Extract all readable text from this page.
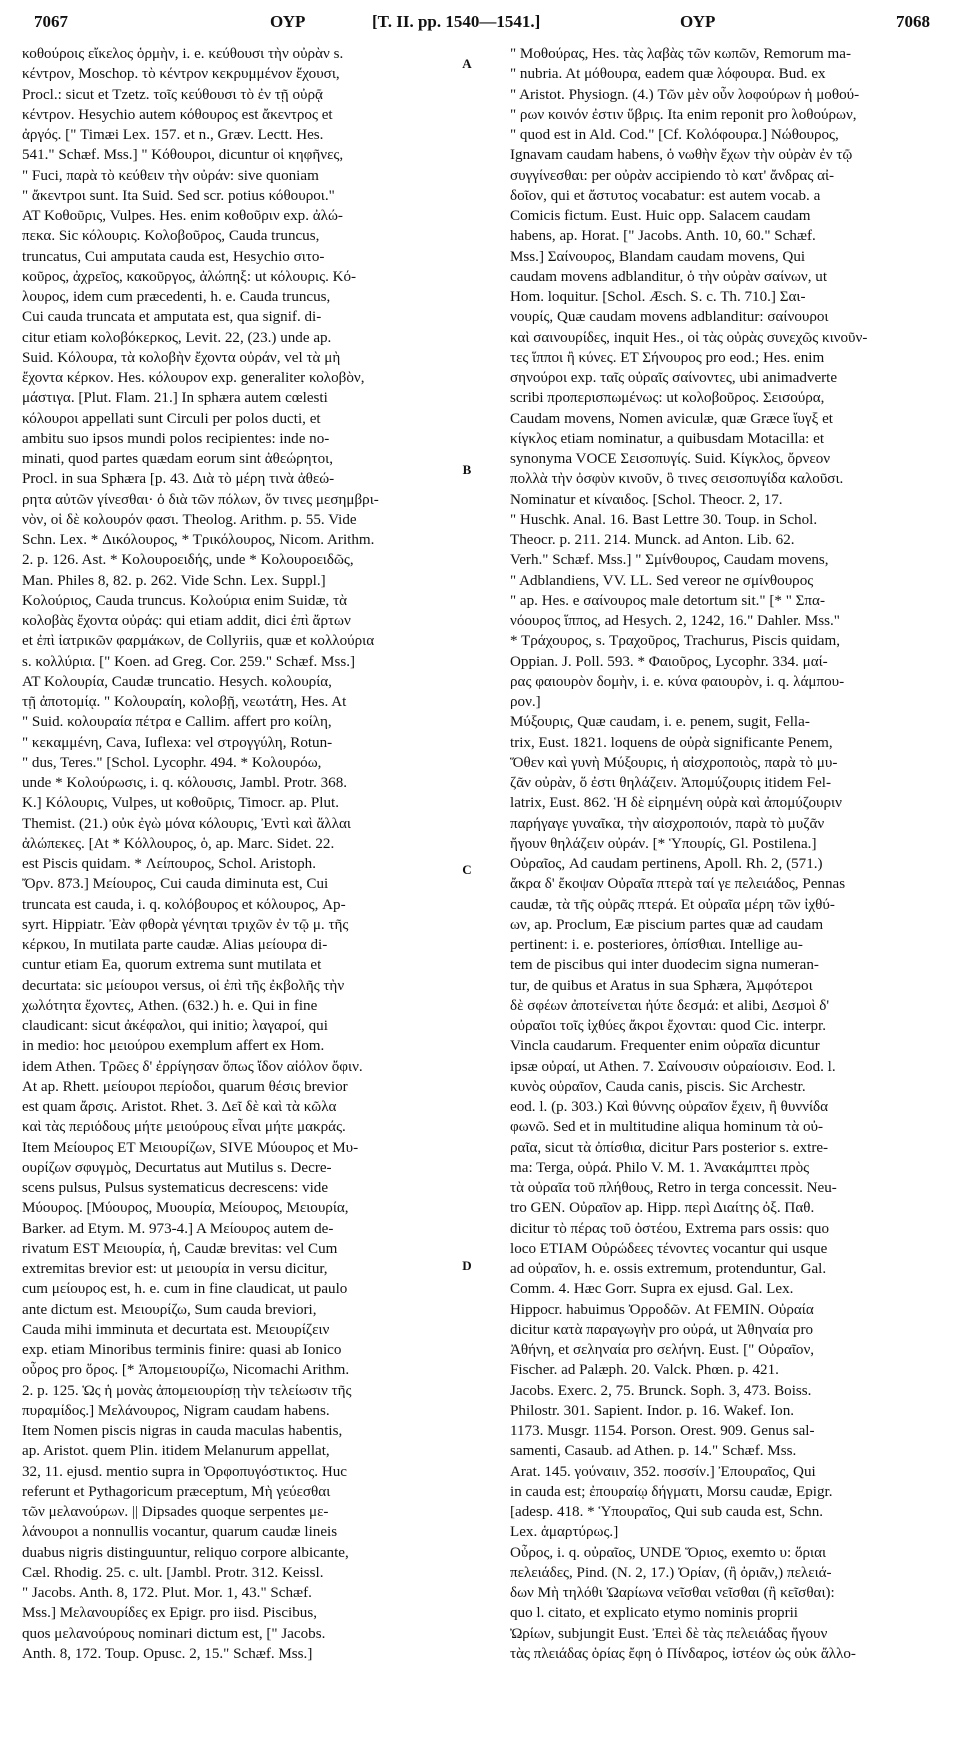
7067	ΟΥΡ	[T. II. pp. 1540—1541.]	ΟΥΡ	7068
κοθούροις εἴκελος ὁρμὴν, i. e. κεύθουσι τὴν οὐρὰν s.
κέντρον, Moschop. τὸ κέντρον κεκρυμμένον ἔχουσι,
Procl.: sicut et Tzetz. τοῖς κεύθουσι τὸ ἐν τῇ οὐρᾷ
κέντρον. Hesychio autem κόθουρος est ἄκεντρος et
ἀργός. [" Timæi Lex. 157. et n., Græv. Lectt. Hes.
541." Schæf. Mss.] " Κόθουροι, dicuntur οἱ κηφῆνες,
" Fuci, παρὰ τὸ κεύθειν τὴν οὐράν: sive quoniam
" ἄκεντροι sunt. Ita Suid. Sed scr. potius κόθουροι."
ΑΤ Κοθοῦρις, Vulpes. Hes. enim κοθοῦριν exp. ἀλώ-
πεκα. Sic κόλουρις. Κολοβοῦρος, Cauda truncus,
truncatus, Cui amputata cauda est, Hesychio σιτο-
κοῦρος, ἀχρεῖος, κακοῦργος, ἀλώπηξ: ut κόλουρις. Κό-
λουρος, idem cum præcedenti, h. e. Cauda truncus,
Cui cauda truncata et amputata est, qua signif. di-
citur etiam κολοβόκερκος, Levit. 22, (23.) unde ap.
Suid. Κόλουρα, τὰ κολοβὴν ἔχοντα οὐράν, vel τὰ μὴ
ἔχοντα κέρκον. Hes. κόλουρον exp. generaliter κολοβὸν,
μάστιγα. [Plut. Flam. 21.] In sphæra autem cœlesti
κόλουροι appellati sunt Circuli per polos ducti, et
ambitu suo ipsos mundi polos recipientes: inde no-
minati, quod partes quædam eorum sint ἀθεώρητοι,
Procl. in sua Sphæra [p. 43. Διὰ τὸ μέρη τινὰ ἀθεώ-
ρητα αὐτῶν γίνεσθαι· ὁ διὰ τῶν πόλων, ὅν τινες μεσημβρι-
νὸν, οἱ δὲ κολουρόν φασι. Theolog. Arithm. p. 55. Vide
Schn. Lex. * Δικόλουρος, * Τρικόλουρος, Nicom. Arithm.
2. p. 126. Ast. * Κολουροειδής, unde * Κολουροειδῶς,
Man. Philes 8, 82. p. 262. Vide Schn. Lex. Suppl.]
Κολούριος, Cauda truncus. Κολούρια enim Suidæ, τὰ
κολοβὰς ἔχοντα οὐράς: qui etiam addit, dici ἐπὶ ἄρτων
et ἐπὶ ἰατρικῶν φαρμάκων, de Collyriis, quæ et κολλούρια
s. κολλύρια. [" Koen. ad Greg. Cor. 259." Schæf. Mss.]
ΑΤ Κολουρία, Caudæ truncatio. Hesych. κολουρία,
τῇ ἀποτομίᾳ. " Κολουραίη, κολοβῇ, νεωτάτη, Hes. At
" Suid. κολουραία πέτρα e Callim. affert pro κοίλη,
" κεκαμμένη, Cava, Iuflexa: vel στρογγύλη, Rotun-
" dus, Teres." [Schol. Lycophr. 494. * Κολουρόω,
unde * Κολούρωσις, i. q. κόλουσις, Jambl. Protr. 368.
K.] Κόλουρις, Vulpes, ut κοθοῦρις, Timocr. ap. Plut.
Themist. (21.) οὐκ ἐγὼ μόνα κόλουρις, Ἐντὶ καὶ ἄλλαι
ἀλώπεκες. [At * Κόλλουρος, ὁ, ap. Marc. Sidet. 22.
est Piscis quidam. * Λείπουρος, Schol. Aristoph.
Ὄρν. 873.] Μείουρος, Cui cauda diminuta est, Cui
truncata est cauda, i. q. κολόβουρος et κόλουρος, Ap-
syrt. Hippiatr. Ἐὰν φθορὰ γένηται τριχῶν ἐν τῷ μ. τῆς
κέρκου, In mutilata parte caudæ. Alias μείουρα di-
cuntur etiam Ea, quorum extrema sunt mutilata et
decurtata: sic μείουροι versus, οἱ ἐπὶ τῆς ἐκβολῆς τὴν
χωλότητα ἔχοντες, Athen. (632.) h. e. Qui in fine
claudicant: sicut ἀκέφαλοι, qui initio; λαγαροί, qui
in medio: hoc μειούρου exemplum affert ex Hom.
idem Athen. Τρῶες δ' ἐρρίγησαν ὅπως ἴδον αἰόλον ὄφιν.
At ap. Rhett. μείουροι περίοδοι, quarum θέσις brevior
est quam ἄρσις. Aristot. Rhet. 3. Δεῖ δὲ καὶ τὰ κῶλα
καὶ τὰς περιόδους μήτε μειούρους εἶναι μήτε μακράς.
Item Μείουρος ΕΤ Μειουρίζων, SIVE Μύουρος et Μυ-
ουρίζων σφυγμὸς, Decurtatus aut Mutilus s. Decre-
scens pulsus, Pulsus systematicus decrescens: vide
Μύουρος. [Μύουρος, Μυουρία, Μείουρος, Μειουρία,
Barker. ad Etym. M. 973-4.] A Μείουρος autem de-
rivatum EST Μειουρία, ἡ, Caudæ brevitas: vel Cum
extremitas brevior est: ut μειουρία in versu dicitur,
cum μείουρος est, h. e. cum in fine claudicat, ut paulo
ante dictum est. Μειουρίζω, Sum cauda breviori,
Cauda mihi imminuta et decurtata est. Μειουρίζειν
exp. etiam Minoribus terminis finire: quasi ab Ionico
οὖρος pro ὅρος. [* Ἀπομειουρίζω, Nicomachi Arithm.
2. p. 125. Ὡς ἡ μονὰς ἀπομειουρίσῃ τὴν τελείωσιν τῆς
πυραμίδος.] Μελάνουρος, Nigram caudam habens.
Item Nomen piscis nigras in cauda maculas habentis,
ap. Aristot. quem Plin. itidem Melanurum appellat,
32, 11. ejusd. mentio supra in Ὀρφοπυγόστικτος. Huc
referunt et Pythagoricum præceptum, Μὴ γεύεσθαι
τῶν μελανούρων. || Dipsades quoque serpentes με-
λάνουροι a nonnullis vocantur, quarum caudæ lineis
duabus nigris distinguuntur, reliquo corpore albicante,
Cæl. Rhodig. 25. c. ult. [Jambl. Protr. 312. Keissl.
" Jacobs. Anth. 8, 172. Plut. Mor. 1, 43." Schæf.
Mss.] Μελανουρίδες ex Epigr. pro iisd. Piscibus,
quos μελανούρους nominari dictum est, [" Jacobs.
Anth. 8, 172. Toup. Opusc. 2, 15." Schæf. Mss.]
" Μοθούρας, Hes. τὰς λαβὰς τῶν κωπῶν, Remorum ma-
" nubria. At μόθουρα, eadem quæ λόφουρα. Bud. ex
" Aristot. Physiogn. (4.) Τῶν μὲν οὖν λοφούρων ἡ μοθού-
" ρων κοινόν ἐστιν ὕβρις. Ita enim reponit pro λοθούρων,
" quod est in Ald. Cod." [Cf. Κολόφουρα.] Νώθουρος,
Ignavam caudam habens, ὁ νωθὴν ἔχων τὴν οὐρὰν ἐν τῷ
συγγίνεσθαι: per οὐρὰν accipiendo τὸ κατ' ἄνδρας αἰ-
δοῖον, qui et ἄστυτος vocabatur: est autem vocab. a
Comicis fictum. Eust. Huic opp. Salacem caudam
habens, ap. Horat. [" Jacobs. Anth. 10, 60." Schæf.
Mss.] Σαίνουρος, Blandam caudam movens, Qui
caudam movens adblanditur, ὁ τὴν οὐρὰν σαίνων, ut
Hom. loquitur. [Schol. Æsch. S. c. Th. 710.] Σαι-
νουρίς, Quæ caudam movens adblanditur: σαίνουροι
καὶ σαινουρίδες, inquit Hes., οἱ τὰς οὐρὰς συνεχῶς κινοῦν-
τες ἵπποι ἢ κύνες. ΕΤ Σήνουρος pro eod.; Hes. enim
σηνούροι exp. ταῖς οὐραῖς σαίνοντες, ubi animadverte
scribi προπερισπωμένως: ut κολοβοῦρος. Σεισούρα,
Caudam movens, Nomen aviculæ, quæ Græce ἴυγξ et
κίγκλος etiam nominatur, a quibusdam Motacilla: et
synonyma VOCE Σεισοπυγίς. Suid. Κίγκλος, ὄρνεον
πολλὰ τὴν ὀσφὺν κινοῦν, ὃ τινες σεισοπυγίδα καλοῦσι.
Nominatur et κίναιδος. [Schol. Theocr. 2, 17.
" Huschk. Anal. 16. Bast Lettre 30. Toup. in Schol.
Theocr. p. 211. 214. Munck. ad Anton. Lib. 62.
Verh." Schæf. Mss.] " Σμίνθουρος, Caudam movens,
" Adblandiens, VV. LL. Sed vereor ne σμίνθουρος
" ap. Hes. e σαίνουρος male detortum sit." [* " Σπα-
νόουρος ἵππος, ad Hesych. 2, 1242, 16." Dahler. Mss."
* Τράχουρος, s. Τραχοῦρος, Trachurus, Piscis quidam,
Oppian. J. Poll. 593. * Φαιοῦρος, Lycophr. 334. μαί-
ρας φαιουρὸν δομὴν, i. e. κύνα φαιουρὸν, i. q. λάμπου-
ρον.]
Μύξουρις, Quæ caudam, i. e. penem, sugit, Fella-
trix, Eust. 1821. loquens de οὐρὰ significante Penem,
Ὅθεν καὶ γυνὴ Μύξουρις, ἡ αἰσχροποιὸς, παρὰ τὸ μυ-
ζᾶν οὐρὰν, ὅ ἐστι θηλάζειν. Ἀπομύζουρις itidem Fel-
latrix, Eust. 862. Ἡ δὲ εἰρημένη οὐρὰ καὶ ἀπομύζουριν
παρήγαγε γυναῖκα, τὴν αἰσχροποιόν, παρὰ τὸ μυζᾶν
ἤγουν θηλάζειν οὐράν. [* Ὑπουρίς, Gl. Postilena.]
Οὐραῖος, Ad caudam pertinens, Apoll. Rh. 2, (571.)
ἄκρα δ' ἔκοψαν Οὐραῖα πτερὰ ταί γε πελειάδος, Pennas
caudæ, τὰ τῆς οὐρᾶς πτερά. Et οὐραῖα μέρη τῶν ἰχθύ-
ων, ap. Proclum, Eæ piscium partes quæ ad caudam
pertinent: i. e. posteriores, ὀπίσθιαι. Intellige au-
tem de piscibus qui inter duodecim signa numeran-
tur, de quibus et Aratus in sua Sphæra, Ἀμφότεροι
δὲ σφέων ἀποτείνεται ἠύτε δεσμά: et alibi, Δεσμοὶ δ'
οὐραῖοι τοῖς ἰχθύες ἄκροι ἔχονται: quod Cic. interpr.
Vincla caudarum. Frequenter enim οὐραῖα dicuntur
ipsæ οὐραί, ut Athen. 7. Σαίνουσιν οὐραίοισιν. Eod. l.
κυνὸς οὐραῖον, Cauda canis, piscis. Sic Archestr.
eod. l. (p. 303.) Καὶ θύννης οὐραῖον ἔχειν, ἢ θυννίδα
φωνῶ. Sed et in multitudine aliqua hominum τὰ οὐ-
ραῖα, sicut τὰ ὀπίσθια, dicitur Pars posterior s. extre-
ma: Terga, οὐρά. Philo V. M. 1. Ἀνακάμπτει πρὸς
τὰ οὐραῖα τοῦ πλήθους, Retro in terga concessit. Neu-
tro GEN. Οὐραῖον ap. Hipp. περὶ Διαίτης ὀξ. Παθ.
dicitur τὸ πέρας τοῦ ὀστέου, Extrema pars ossis: quo
loco ETIAM Οὐρώδεες τένοντες vocantur qui usque
ad οὐραῖον, h. e. ossis extremum, protenduntur, Gal.
Comm. 4. Hæc Gorr. Supra ex ejusd. Gal. Lex.
Hippocr. habuimus Ὀρροδῶν. At FEMIN. Οὐραία
dicitur κατὰ παραγωγὴν pro οὐρά, ut Ἀθηναία pro
Ἀθήνη, et σεληναία pro σελήνη. Eust. [" Οὐραῖον,
Fischer. ad Palæph. 20. Valck. Phœn. p. 421.
Jacobs. Exerc. 2, 75. Brunck. Soph. 3, 473. Boiss.
Philostr. 301. Sapient. Indor. p. 16. Wakef. Ion.
1173. Musgr. 1154. Porson. Orest. 909. Genus sal-
samenti, Casaub. ad Athen. p. 14." Schæf. Mss.
Arat. 145. γούναιιν, 352. ποσσίν.] Ἐπουραῖος, Qui
in cauda est; ἐπουραίῳ δήγματι, Morsu caudæ, Epigr.
[adesp. 418. * Ὑπουραῖος, Qui sub cauda est, Schn.
Lex. ἁμαρτύρως.]
Οὖρος, i. q. οὐραῖος, UNDE Ὅριος, exemto υ: ὅριαι
πελειάδες, Pind. (N. 2, 17.) Ὀρίαν, (ἢ ὀριᾶν,) πελειά-
δων Μὴ τηλόθι Ὠαρίωνα νεῖσθαι νεῖσθαι (ἢ κεῖσθαι):
quo l. citato, et explicato etymo nominis proprii
Ὠρίων, subjungit Eust. Ἐπεὶ δὲ τὰς πελειάδας ἤγουν
τὰς πλειάδας ὁρίας ἔφη ὁ Πίνδαρος, ἰστέον ὡς οὐκ ἄλλο-
A
B
C
D
